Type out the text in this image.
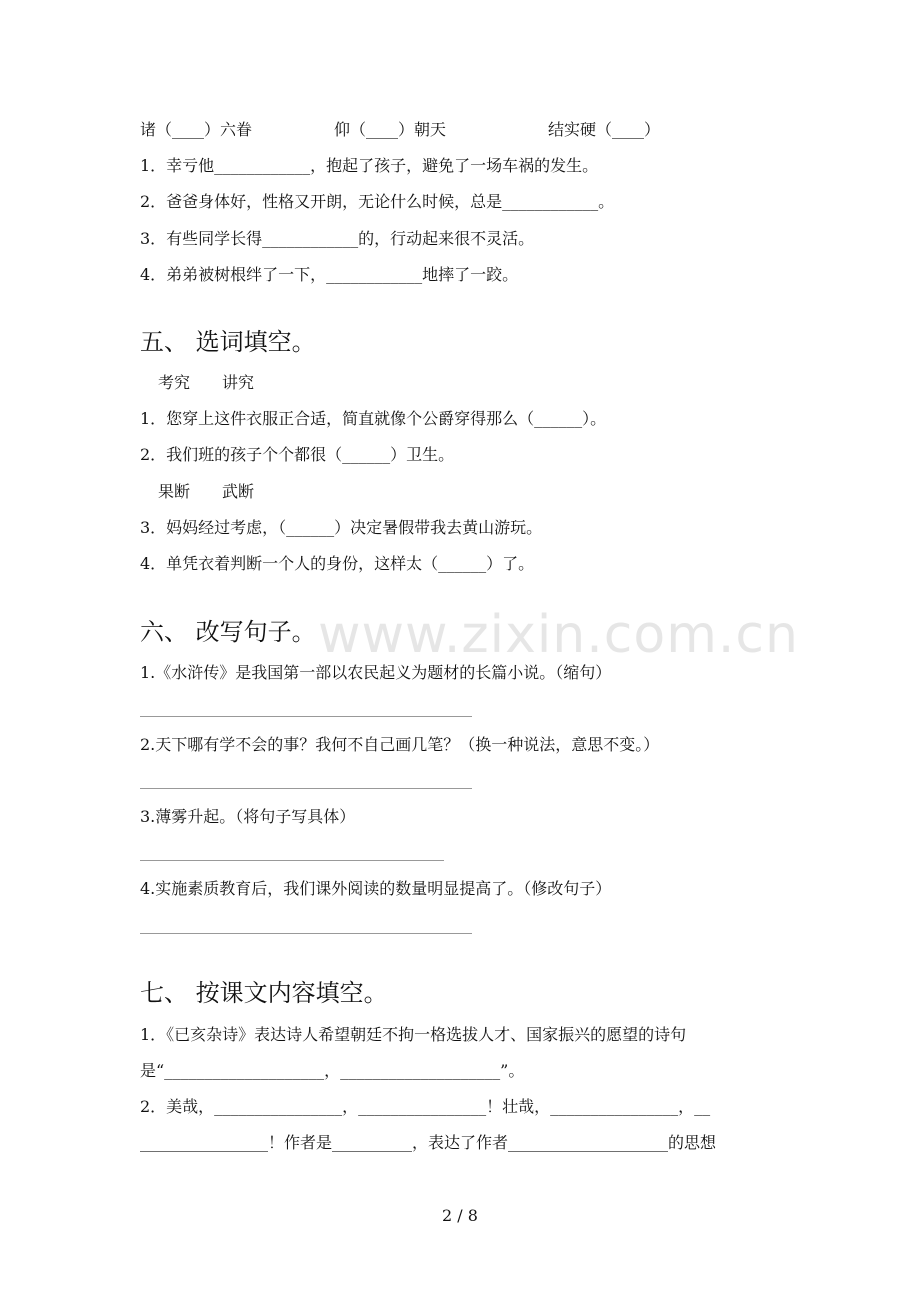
www.zixin.com.cn
诸（____）六眷	仰（____）朝天	结实硬（____）
1．幸亏他____________，抱起了孩子，避免了一场车祸的发生。
2．爸爸身体好，性格又开朗，无论什么时候，总是____________。
3．有些同学长得____________的，行动起来很不灵活。
4．弟弟被树根绊了一下，____________地摔了一跤。
五、 选词填空。
考究　　讲究
1．您穿上这件衣服正合适，简直就像个公爵穿得那么（______）。
2．我们班的孩子个个都很（______）卫生。
果断　　武断
3．妈妈经过考虑，（______）决定暑假带我去黄山游玩。
4．单凭衣着判断一个人的身份，这样太（______）了。
六、 改写句子。
1.《水浒传》是我国第一部以农民起义为题材的长篇小说。（缩句）
2.天下哪有学不会的事？我何不自己画几笔？（换一种说法，意思不变。）
3.薄雾升起。（将句子写具体）
4.实施素质教育后，我们课外阅读的数量明显提高了。（修改句子）
七、 按课文内容填空。
1．《已亥杂诗》表达诗人希望朝廷不拘一格选拔人才、国家振兴的愿望的诗句
是“____________________，____________________”。
2．美哉，________________，________________！壮哉，________________，__
________________！作者是__________，表达了作者____________________的思想
2 / 8
